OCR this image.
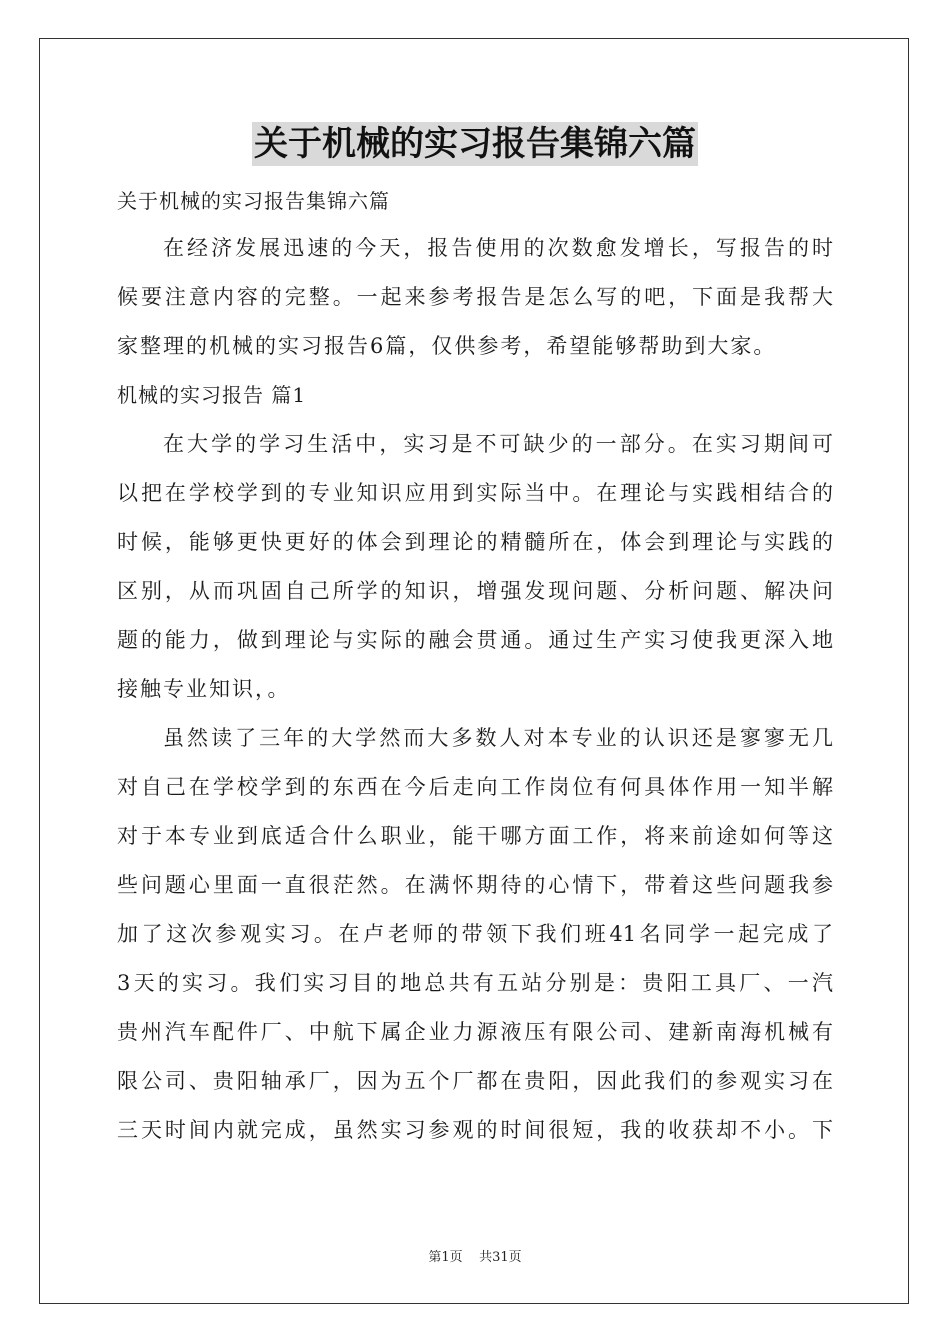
关于机械的实习报告集锦六篇
关于机械的实习报告集锦六篇
在经济发展迅速的今天，报告使用的次数愈发增长，写报告的时
候要注意内容的完整。一起来参考报告是怎么写的吧，下面是我帮大
家整理的机械的实习报告6篇，仅供参考，希望能够帮助到大家。
机械的实习报告 篇1
在大学的学习生活中，实习是不可缺少的一部分。在实习期间可
以把在学校学到的专业知识应用到实际当中。在理论与实践相结合的
时候，能够更快更好的体会到理论的精髓所在，体会到理论与实践的
区别，从而巩固自己所学的知识，增强发现问题、分析问题、解决问
题的能力，做到理论与实际的融会贯通。通过生产实习使我更深入地
接触专业知识，。
虽然读了三年的大学然而大多数人对本专业的认识还是寥寥无几
对自己在学校学到的东西在今后走向工作岗位有何具体作用一知半解
对于本专业到底适合什么职业，能干哪方面工作，将来前途如何等这
些问题心里面一直很茫然。在满怀期待的心情下，带着这些问题我参
加了这次参观实习。在卢老师的带领下我们班41名同学一起完成了
3天的实习。我们实习目的地总共有五站分别是：贵阳工具厂、一汽
贵州汽车配件厂、中航下属企业力源液压有限公司、建新南海机械有
限公司、贵阳轴承厂，因为五个厂都在贵阳，因此我们的参观实习在
三天时间内就完成，虽然实习参观的时间很短，我的收获却不小。下
第1页 共31页
